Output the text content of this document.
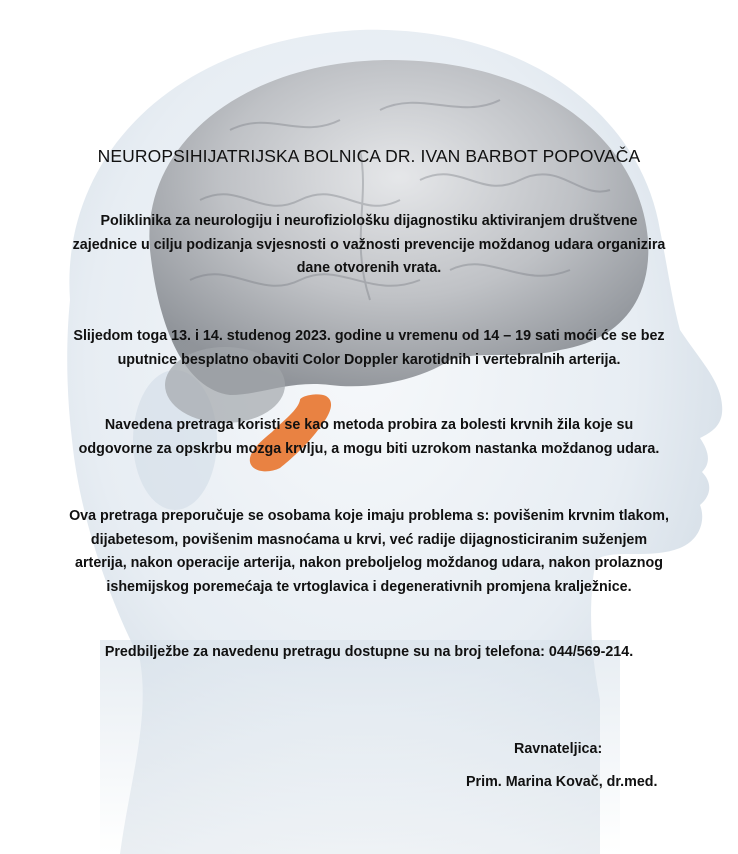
NEUROPSIHIJATRIJSKA BOLNICA DR. IVAN BARBOT POPOVAČA
Poliklinika za neurologiju i neurofiziološku dijagnostiku aktiviranjem društvene
zajednice u cilju podizanja svjesnosti o važnosti prevencije moždanog udara organizira
dane otvorenih vrata.
Slijedom toga 13. i 14. studenog 2023. godine u vremenu od 14 – 19 sati moći će se bez
uputnice besplatno obaviti Color Doppler karotidnih i vertebralnih arterija.
Navedena pretraga koristi se kao metoda probira za bolesti krvnih žila koje su
odgovorne za opskrbu mozga krvlju, a mogu biti uzrokom nastanka moždanog udara.
Ova pretraga preporučuje se osobama koje imaju problema s: povišenim krvnim tlakom,
dijabetesom, povišenim masnoćama u krvi, već radije dijagnosticiranim suženjem
arterija, nakon operacije arterija, nakon preboljelog moždanog udara, nakon prolaznog
ishemijskog poremećaja te vrtoglavica i degenerativnih promjena kralježnice.
Predbilježbe za navedenu pretragu dostupne su na broj telefona: 044/569-214.
Ravnateljica:
Prim. Marina Kovač, dr.med.
